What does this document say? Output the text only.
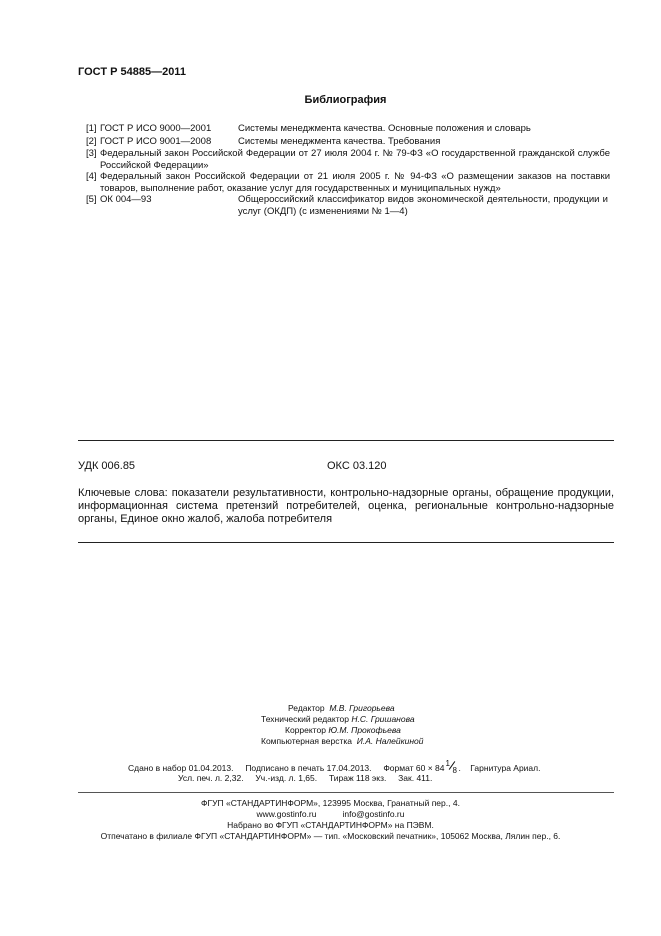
ГОСТ Р 54885—2011
Библиография
[1] ГОСТ Р ИСО 9000—2001	Системы менеджмента качества. Основные положения и словарь
[2] ГОСТ Р ИСО 9001—2008	Системы менеджмента качества. Требования
[3] Федеральный закон Российской Федерации от 27 июля 2004 г. № 79-ФЗ «О государственной гражданской службе Российской Федерации»
[4] Федеральный закон Российской Федерации от 21 июля 2005 г. № 94-ФЗ «О размещении заказов на поставки товаров, выполнение работ, оказание услуг для государственных и муниципальных нужд»
[5] ОК 004—93	Общероссийский классификатор видов экономической деятельности, продукции и услуг (ОКДП) (с изменениями № 1—4)
УДК 006.85	ОКС 03.120
Ключевые слова: показатели результативности, контрольно-надзорные органы, обращение продукции, информационная система претензий потребителей, оценка, региональные контрольно-надзорные органы, Единое окно жалоб, жалоба потребителя
Редактор М.В. Григорьева
Технический редактор Н.С. Гришанова
Корректор Ю.М. Прокофьева
Компьютерная верстка И.А. Налейкиной
Сдано в набор 01.04.2013. Подписано в печать 17.04.2013. Формат 60 × 84 1
8 .    Гарнитура Ариал.
Усл. печ. л. 2,32. Уч.-изд. л. 1,65. Тираж 118 экз. Зак. 411.
ФГУП «СТАНДАРТИНФОРМ», 123995 Москва, Гранатный пер., 4.
www.gostinfo.ru	info@gostinfo.ru
Набрано во ФГУП «СТАНДАРТИНФОРМ» на ПЭВМ.
Отпечатано в филиале ФГУП «СТАНДАРТИНФОРМ» — тип. «Московский печатник», 105062 Москва, Лялин пер., 6.
